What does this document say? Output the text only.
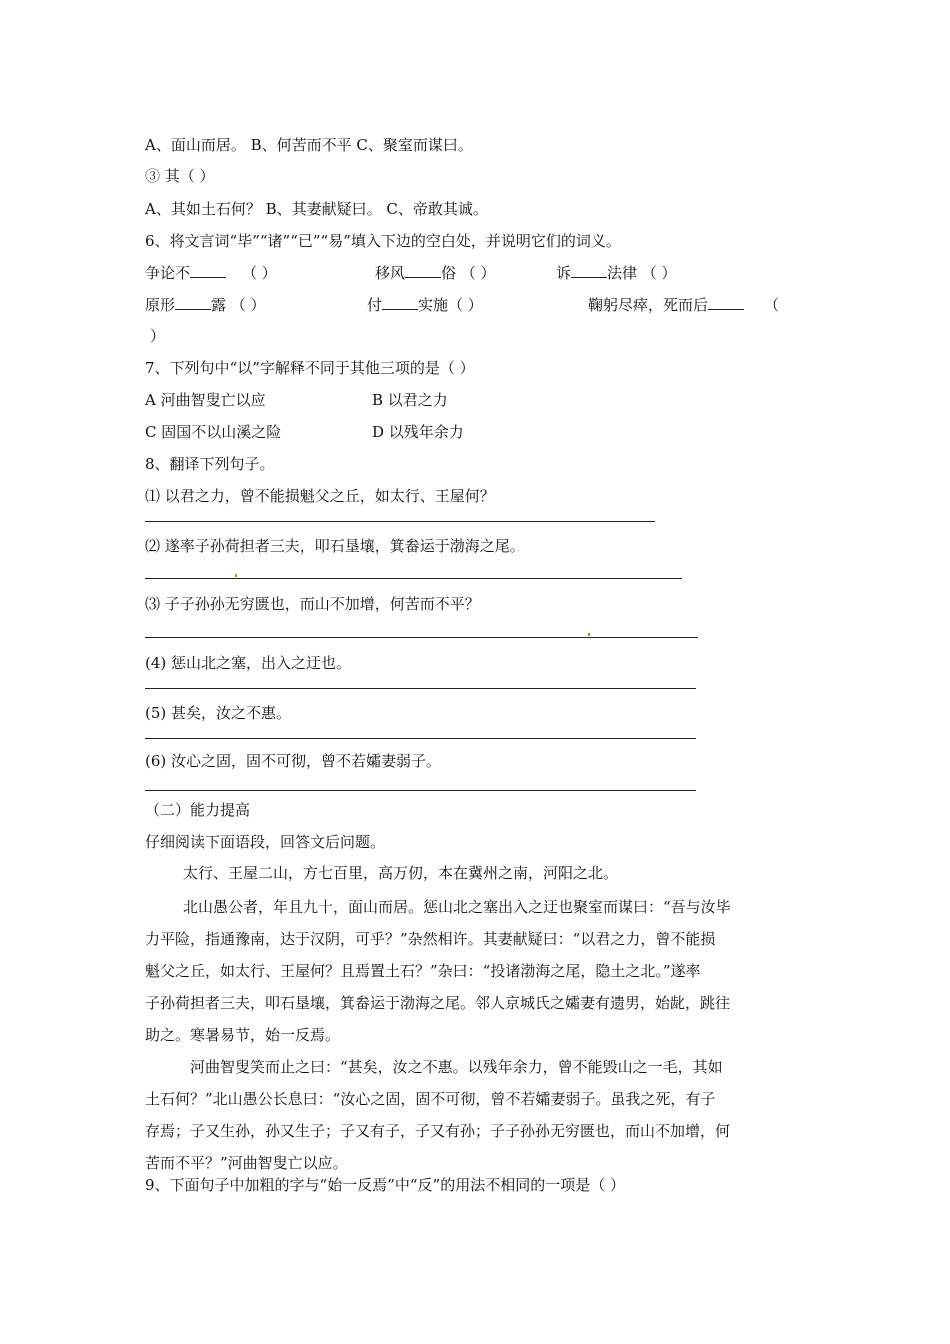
A、面山而居。 B、何苦而不平 C、聚室而谋曰。
③ 其（ ）
A、其如土石何？ B、其妻献疑曰。 C、帝敢其诚。
6、将文言词“毕”“诸”“已”“易”填入下边的空白处，并说明它们的词义。
争论不	（ ）	移风 俗 （ ）	诉 法律 （ ）
原形 露 （ ）	付 实施（ ）	鞠躬尽瘁，死而后	（
）
7、下列句中“以”字解释不同于其他三项的是（ ）
A 河曲智叟亡以应	B 以君之力
C 固国不以山溪之险	D 以残年余力
8、翻译下列句子。
⑴ 以君之力，曾不能损魁父之丘，如太行、王屋何？
⑵ 遂率子孙荷担者三夫，叩石垦壤，箕畚运于渤海之尾。
⑶ 子子孙孙无穷匮也，而山不加增，何苦而不平？
(4) 惩山北之塞，出入之迂也。
(5) 甚矣，汝之不惠。
(6) 汝心之固，固不可彻，曾不若孀妻弱子。
（二）能力提高
仔细阅读下面语段，回答文后问题。
太行、王屋二山，方七百里，高万仞，本在冀州之南，河阳之北。
北山愚公者，年且九十，面山而居。惩山北之塞出入之迂也聚室而谋曰：“吾与汝毕
力平险，指通豫南，达于汉阴，可乎？”杂然相许。其妻献疑曰：“以君之力，曾不能损
魁父之丘，如太行、王屋何？且焉置土石？”杂曰：“投诸渤海之尾，隐土之北。”遂率
子孙荷担者三夫，叩石垦壤，箕畚运于渤海之尾。邻人京城氏之孀妻有遗男，始龀，跳往
助之。寒暑易节，始一反焉。
河曲智叟笑而止之曰：“甚矣，汝之不惠。以残年余力，曾不能毁山之一毛，其如
土石何？”北山愚公长息曰：“汝心之固，固不可彻，曾不若孀妻弱子。虽我之死，有子
存焉；子又生孙，孙又生子；子又有子，子又有孙；子子孙孙无穷匮也，而山不加增，何
苦而不平？”河曲智叟亡以应。
9、下面句子中加粗的字与“始一反焉”中“反”的用法不相同的一项是（ ）
